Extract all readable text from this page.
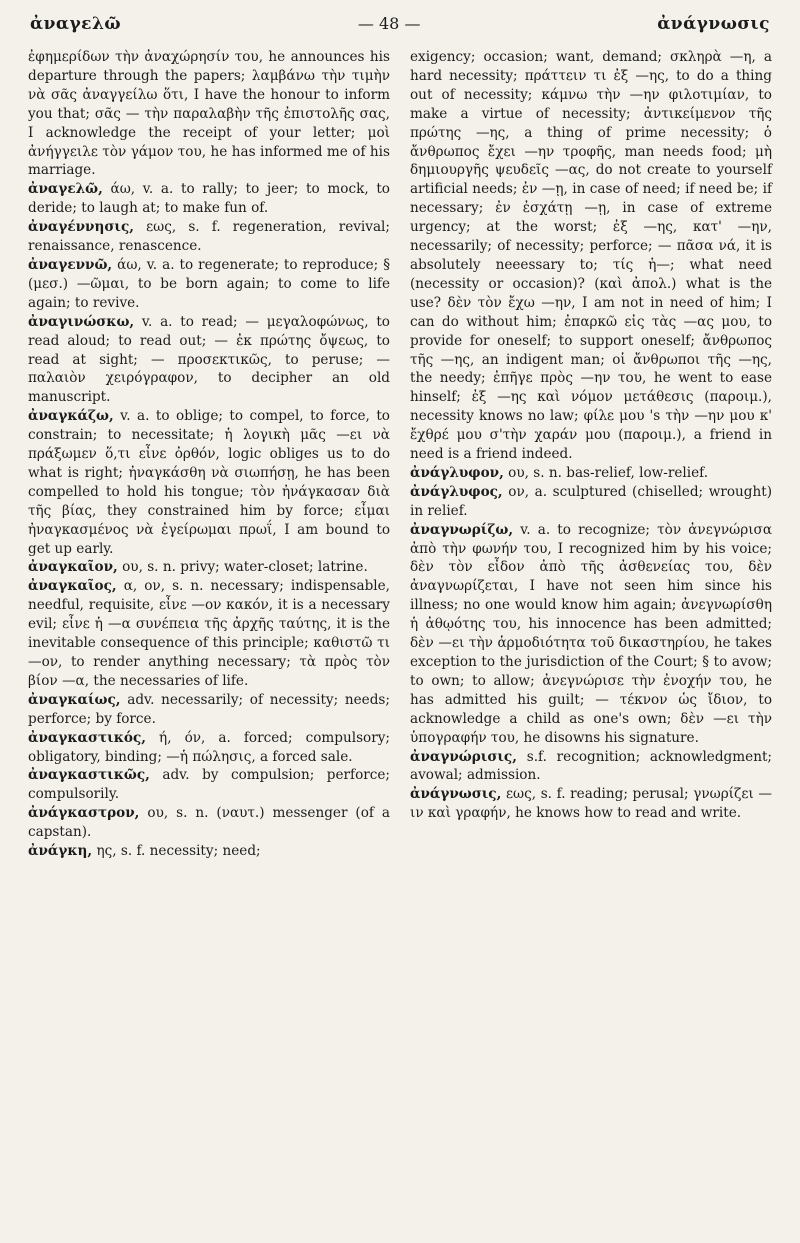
ἀναγελῶ	— 48 —	ἀνάγνωσις

ἐφημερίδων τὴν ἀναχώρησίν του, he announces his departure through the papers; λαμβάνω τὴν τιμὴν νὰ σᾶς ἀναγγείλω ὅτι, I have the honour to inform you that; σᾶς — τὴν παραλαβὴν τῆς ἐπιστολῆς σας, I acknowledge the receipt of your letter; μοὶ ἀνήγγειλε τὸν γάμον του, he has informed me of his marriage.

ἀναγελῶ, άω, v. a. to rally; to jeer; to mock, to deride; to laugh at; to make fun of.

ἀναγέννησις, εως, s. f. regeneration, revival; renaissance, renascence.

ἀναγεννῶ, άω, v. a. to regenerate; to reproduce; § (μεσ.) —ῶμαι, to be born again; to come to life again; to revive.

ἀναγινώσκω, v. a. to read; — μεγαλοφώνως, to read aloud; to read out; — ἐκ πρώτης ὄψεως, to read at sight; — προσεκτικῶς, to peruse; — παλαιὸν χειρόγραφον, to decipher an old manuscript.

ἀναγκάζω, v. a. to oblige; to compel, to force, to constrain; to necessitate; ἡ λογικὴ μᾶς —ει νὰ πράξωμεν ὅ,τι εἶνε ὀρθόν, logic obliges us to do what is right; ἠναγκάσθη νὰ σιωπήσῃ, he has been compelled to hold his tongue; τὸν ἠνάγκασαν διὰ τῆς βίας, they constrained him by force; εἶμαι ἠναγκασμένος νὰ ἐγείρωμαι πρωΐ, I am bound to get up early.

ἀναγκαῖον, ου, s. n. privy; water-closet; latrine.

ἀναγκαῖος, α, ον, s. n. necessary; indispensable, needful, requisite, εἶνε —ον κακόν, it is a necessary evil; εἶνε ἡ —α συνέπεια τῆς ἀρχῆς ταύτης, it is the inevitable consequence of this principle; καθιστῶ τι —ον, to render anything necessary; τὰ πρὸς τὸν βίον —α, the necessaries of life.

ἀναγκαίως, adv. necessarily; of necessity; needs; perforce; by force.

ἀναγκαστικός, ή, όν, a. forced; compulsory; obligatory, binding; —ἡ πώλησις, a forced sale.

ἀναγκαστικῶς, adv. by compulsion; perforce; compulsorily.

ἀνάγκαστρον, ου, s. n. (ναυτ.) messenger (of a capstan).

ἀνάγκη, ης, s. f. necessity; need;

exigency; occasion; want, demand; σκληρὰ —η, a hard necessity; πράττειν τι ἐξ —ης, to do a thing out of necessity; κάμνω τὴν —ην φιλοτιμίαν, to make a virtue of necessity; ἀντικείμενον τῆς πρώτης —ης, a thing of prime necessity; ὁ ἄνθρωπος ἔχει —ην τροφῆς, man needs food; μὴ δημιουργῆς ψευδεῖς —ας, do not create to yourself artificial needs; ἐν —ῃ, in case of need; if need be; if necessary; ἐν ἐσχάτῃ —ῃ, in case of extreme urgency; at the worst; ἐξ —ης, κατ' —ην, necessarily; of necessity; perforce; — πᾶσα νά, it is absolutely neeessary to; τίς ἡ—; what need (necessity or occasion)? (καὶ ἀπολ.) what is the use? δὲν τὸν ἔχω —ην, I am not in need of him; I can do without him; ἐπαρκῶ εἰς τὰς —ας μου, to provide for oneself; to support oneself; ἄνθρωπος τῆς —ης, an indigent man; οἱ ἄνθρωποι τῆς —ης, the needy; ἐπῆγε πρὸς —ην του, he went to ease hinself; ἐξ —ης καὶ νόμον μετάθεσις (παροιμ.), necessity knows no law; φίλε μου 's τὴν —ην μου κ' ἔχθρέ μου σ'τὴν χαράν μου (παροιμ.), a friend in need is a friend indeed.

ἀνάγλυφον, ου, s. n. bas-relief, low-relief.

ἀνάγλυφος, ον, a. sculptured (chiselled; wrought) in relief.

ἀναγνωρίζω, v. a. to recognize; τὸν ἀνεγνώρισα ἀπὸ τὴν φωνήν του, I recognized him by his voice; δὲν τὸν εἶδον ἀπὸ τῆς ἀσθενείας του, δὲν ἀναγνωρίζεται, I have not seen him since his illness; no one would know him again; ἀνεγνωρίσθη ἡ ἀθῳότης του, his innocence has been admitted; δὲν —ει τὴν ἁρμοδιότητα τοῦ δικαστηρίου, he takes exception to the jurisdiction of the Court; § to avow; to own; to allow; ἀνεγνώρισε τὴν ἐνοχήν του, he has admitted his guilt; — τέκνον ὡς ἴδιον, to acknowledge a child as one's own; δὲν —ει τὴν ὑπογραφήν του, he disowns his signature.

ἀναγνώρισις, s.f. recognition; acknowledgment; avowal; admission.

ἀνάγνωσις, εως, s. f. reading; perusal; γνωρίζει —ιν καὶ γραφήν, he knows how to read and write.
